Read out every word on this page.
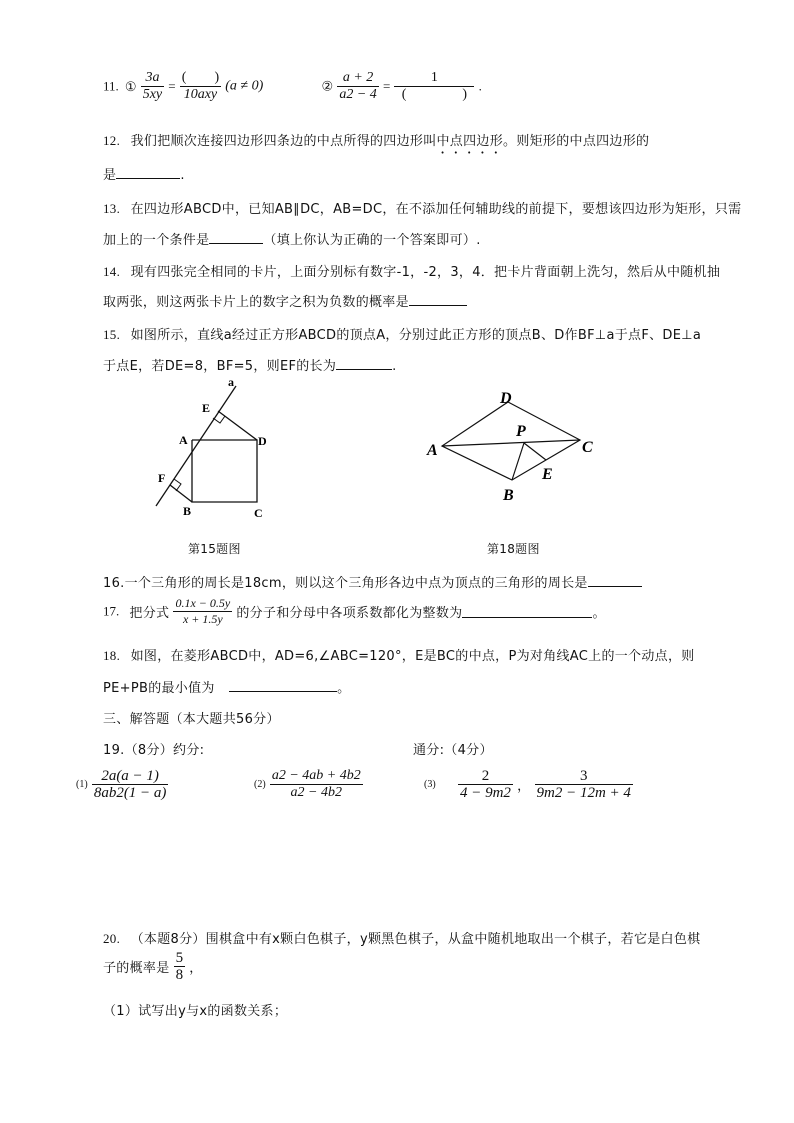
11. ① $\frac{3a}{5xy} = \frac{( )}{\text{10axy}} (a \ne 0)$	② $\frac{a + 2}{a2 - 4} = \frac{1}{( )}$ .
12. 我们把顺次连接四边形四条边的中点所得的四边形叫中点四边形。则矩形的中点四边形的
是	.
13. 在四边形ABCD中，已知AB∥DC，AB=DC，在不添加任何辅助线的前提下，要想该四边形为矩形，只需
加上的一个条件是	（填上你认为正确的一个答案即可）.
14. 现有四张完全相同的卡片，上面分别标有数字-1，-2，3，4．把卡片背面朝上洗匀，然后从中随机抽
取两张，则这两张卡片上的数字之积为负数的概率是
15. 如图所示，直线a经过正方形ABCD的顶点A，分别过此正方形的顶点B、D作BF⊥a于点F、DE⊥a
于点E，若DE=8，BF=5，则EF的长为	.
a
E
A	D
F
B	C
D
P
A	C
E
B
第15题图	第18题图
16.一个三角形的周长是18cm，则以这个三角形各边中点为顶点的三角形的周长是
17. 把分式 $\frac{0.1x - 0.5y}{x + 1.5y}$ 的分子和分母中各项系数都化为整数为	。
18. 如图，在菱形ABCD中，AD=6,∠ABC=120°，E是BC的中点，P为对角线AC上的一个动点，则
PE+PB的最小值为	。
三、解答题（本大题共56分）
19.（8分）约分:	通分:（4分）
$(1) \frac{2a(a - 1)}{8ab2(1 - a)}$	$(2) \frac{a2 - 4ab + 4b2}{a2 - 4b2}$	$(3) \frac{2}{4 - 9m2}$ ， $\frac{3}{9m2 - 12m + 4}$
20. （本题8分）围棋盒中有x颗白色棋子，y颗黑色棋子，从盒中随机地取出一个棋子，若它是白色棋
子的概率是 $\frac{5}{8}$ ，
（1）试写出y与x的函数关系；
